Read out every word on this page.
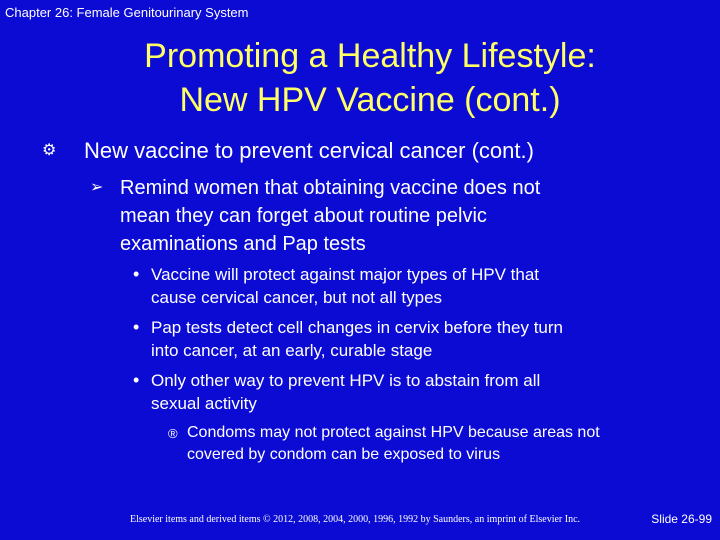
Chapter 26: Female Genitourinary System
Promoting a Healthy Lifestyle:
New HPV Vaccine (cont.)
⚙ New vaccine to prevent cervical cancer (cont.)
➢ Remind women that obtaining vaccine does not
mean they can forget about routine pelvic
examinations and Pap tests
• Vaccine will protect against major types of HPV that
cause cervical cancer, but not all types
• Pap tests detect cell changes in cervix before they turn
into cancer, at an early, curable stage
• Only other way to prevent HPV is to abstain from all
sexual activity
® Condoms may not protect against HPV because areas not
covered by condom can be exposed to virus
Elsevier items and derived items © 2012, 2008, 2004, 2000, 1996, 1992 by Saunders, an imprint of Elsevier Inc.	Slide 26-99
